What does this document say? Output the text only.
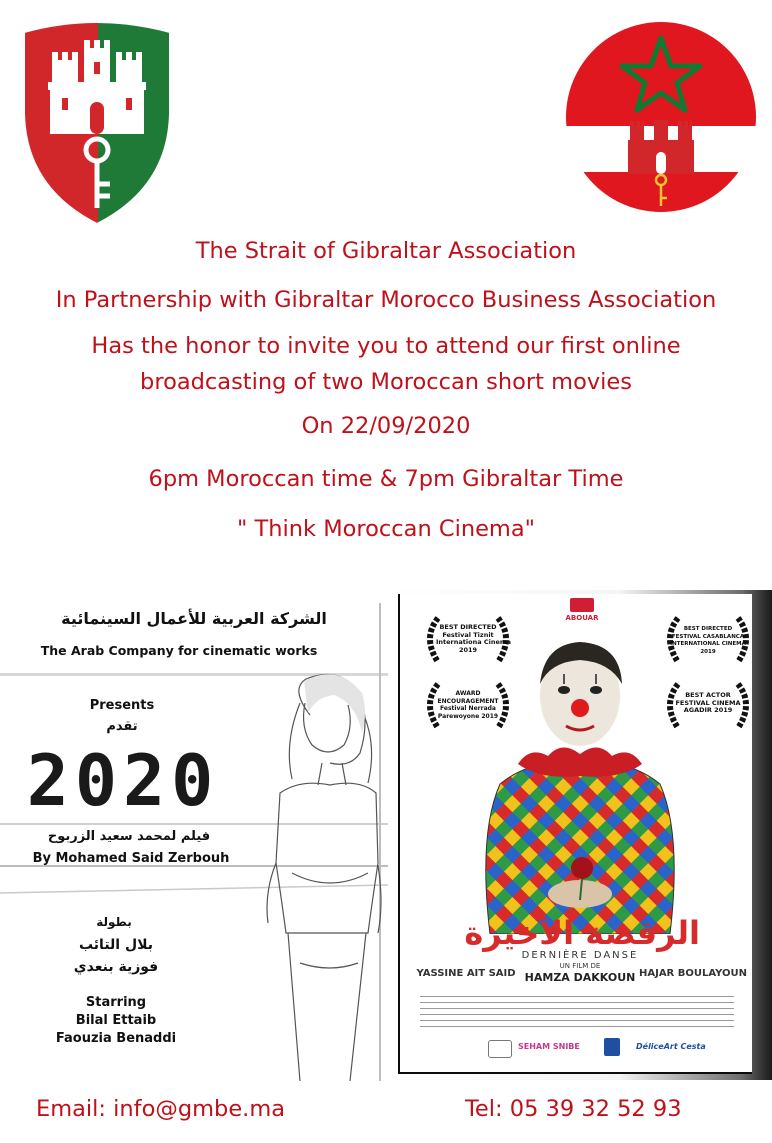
The Strait of Gibraltar Association
In Partnership with Gibraltar Morocco Business Association
Has the honor to invite you to attend our first online
broadcasting of two Moroccan short movies
On 22/09/2020
6pm Moroccan time & 7pm Gibraltar Time
" Think Moroccan Cinema"
الشركة العربية للأعمال السينمائية
The Arab Company for cinematic works
Presents
تقدم
2020
فيلم لمحمد سعيد الزربوح
By Mohamed Said Zerbouh
بطولة
بلال التائب
فوزية بنعدي
Starring
Bilal Ettaib
Faouzia Benaddi
ABOUAR
BEST DIRECTED
Festival Tiznit
Internationa Cinema
2019
BEST DIRECTED
FESTIVAL CASABLANCA
INTERNATIONAL CINEMA
2019
AWARD
ENCOURAGEMENT
Festival Nerrada
Parewoyone 2019
BEST ACTOR
FESTIVAL CINEMA
AGADIR 2019
الرقصة الأخيرة
DERNIÈRE DANSE
YASSINE AIT SAID
UN FILM DE
HAMZA DAKKOUN HAJAR BOULAYOUN
SEHAM SNIBE	DéliceArt Cesta
Email: info@gmbe.ma	Tel: 05 39 32 52 93
